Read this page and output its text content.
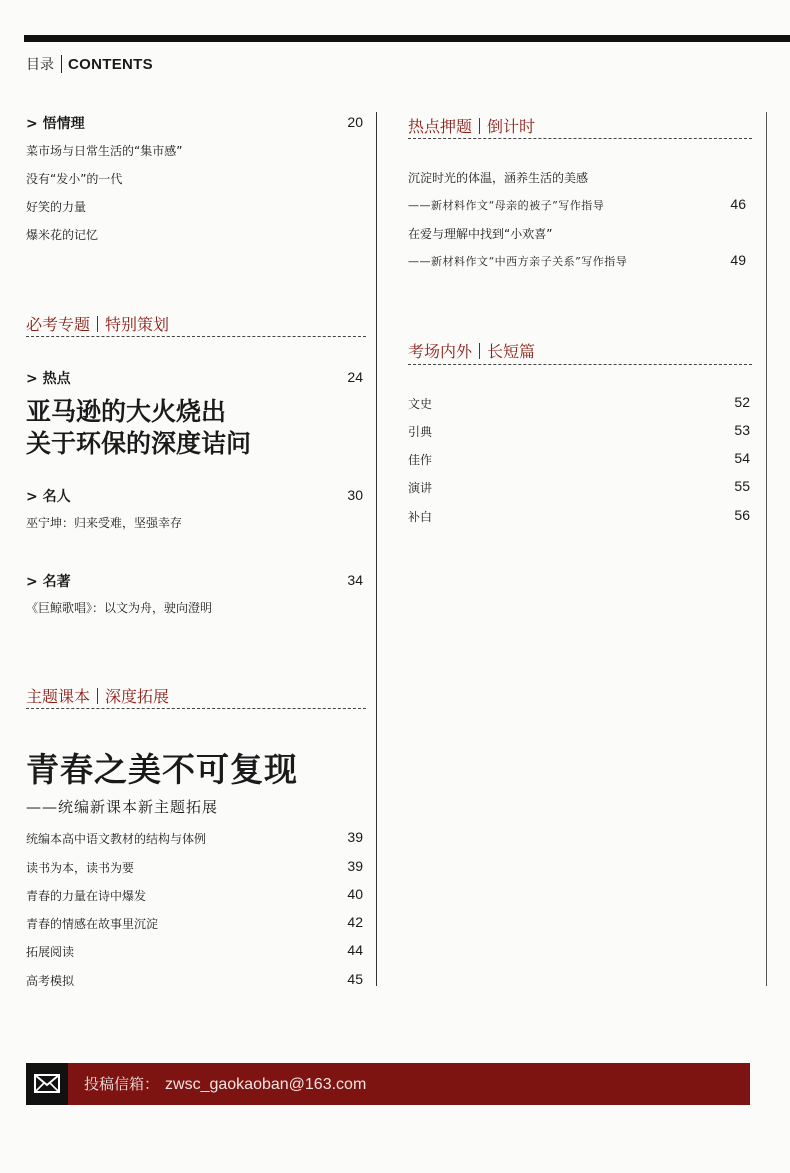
目录 CONTENTS
> 悟情理	20
菜市场与日常生活的“集市感”
没有“发小”的一代
好笑的力量
爆米花的记忆
必考专题 特别策划
> 热点	24
亚马逊的大火烧出
关于环保的深度诘问
> 名人	30
巫宁坤：归来受难，坚强幸存
> 名著	34
《巨鲸歌唱》：以文为舟，驶向澄明
主题课本 深度拓展
青春之美不可复现
——统编新课本新主题拓展
统编本高中语文教材的结构与体例	39
读书为本，读书为要	39
青春的力量在诗中爆发	40
青春的情感在故事里沉淀	42
拓展阅读	44
高考模拟	45
热点押题 倒计时
沉淀时光的体温，涵养生活的美感
——新材料作文“母亲的被子”写作指导	46
在爱与理解中找到“小欢喜”
——新材料作文“中西方亲子关系”写作指导	49
考场内外 长短篇
文史	52
引典	53
佳作	54
演讲	55
补白	56
投稿信箱： zwsc_gaokaoban@163.com
